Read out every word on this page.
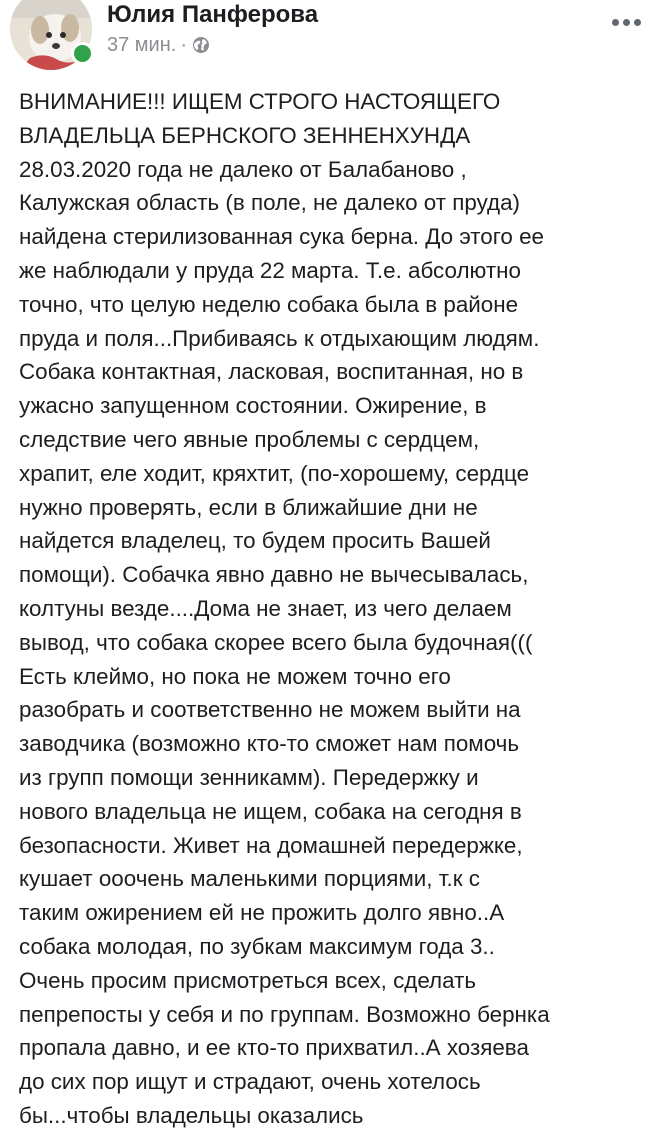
Юлия Панферова
37 мин. ·

ВНИМАНИЕ!!! ИЩЕМ СТРОГО НАСТОЯЩЕГО
ВЛАДЕЛЬЦА БЕРНСКОГО ЗЕННЕНХУНДА
28.03.2020 года не далеко от Балабаново ,
Калужская область (в поле, не далеко от пруда)
найдена стерилизованная сука берна. До этого ее
же наблюдали у пруда 22 марта. Т.е. абсолютно
точно, что целую неделю собака была в районе
пруда и поля...Прибиваясь к отдыхающим людям.
Собака контактная, ласковая, воспитанная, но в
ужасно запущенном состоянии. Ожирение, в
следствие чего явные проблемы с сердцем,
храпит, еле ходит, кряхтит, (по-хорошему, сердце
нужно проверять, если в ближайшие дни не
найдется владелец, то будем просить Вашей
помощи). Собачка явно давно не вычесывалась,
колтуны везде....Дома не знает, из чего делаем
вывод, что собака скорее всего была будочная(((
Есть клеймо, но пока не можем точно его
разобрать и соответственно не можем выйти на
заводчика (возможно кто-то сможет нам помочь
из групп помощи зенникамм). Передержку и
нового владельца не ищем, собака на сегодня в
безопасности. Живет на домашней передержке,
кушает ооочень маленькими порциями, т.к с
таким ожирением ей не прожить долго явно..А
собака молодая, по зубкам максимум года 3..
Очень просим присмотреться всех, сделать
пепрепосты у себя и по группам. Возможно бернка
пропала давно, и ее кто-то прихватил..А хозяева
до сих пор ищут и страдают, очень хотелось
бы...чтобы владельцы оказались
